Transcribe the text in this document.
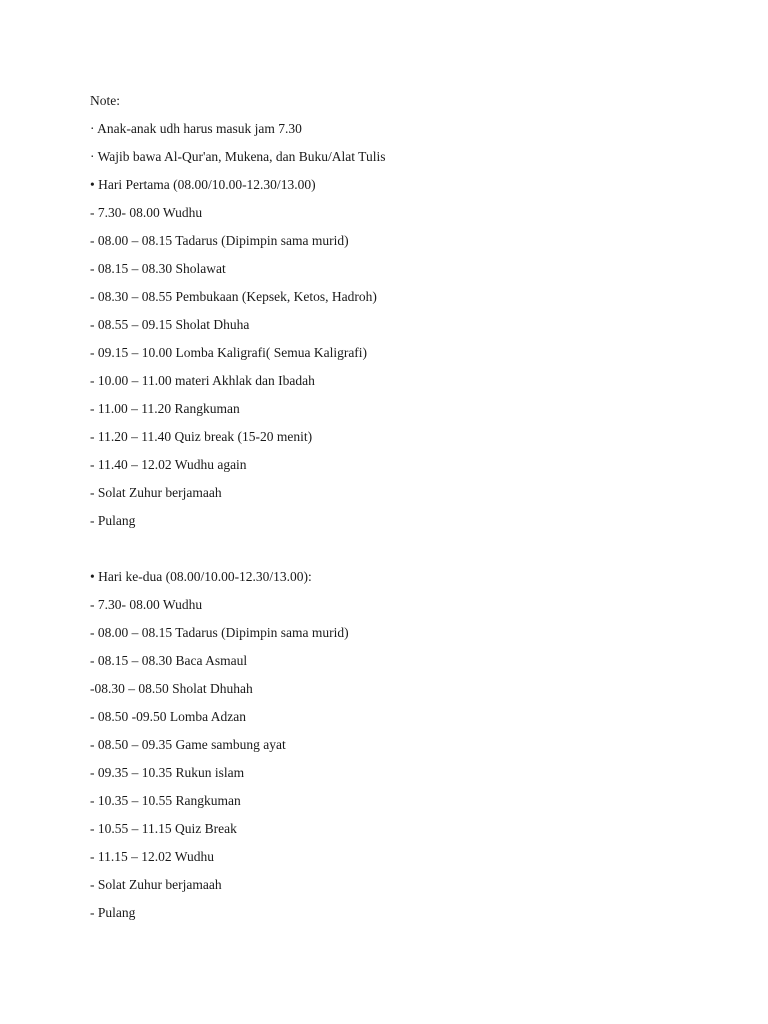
Note:
· Anak-anak udh harus masuk jam 7.30
· Wajib bawa Al-Qur'an, Mukena, dan Buku/Alat Tulis
• Hari Pertama (08.00/10.00-12.30/13.00)
- 7.30- 08.00 Wudhu
- 08.00 – 08.15 Tadarus (Dipimpin sama murid)
- 08.15 – 08.30 Sholawat
- 08.30 – 08.55 Pembukaan (Kepsek, Ketos, Hadroh)
- 08.55 – 09.15 Sholat Dhuha
- 09.15 – 10.00 Lomba Kaligrafi( Semua Kaligrafi)
- 10.00 – 11.00 materi Akhlak dan Ibadah
- 11.00 – 11.20 Rangkuman
- 11.20 – 11.40 Quiz break (15-20 menit)
- 11.40 – 12.02 Wudhu again
- Solat Zuhur berjamaah
- Pulang
• Hari ke-dua (08.00/10.00-12.30/13.00):
- 7.30- 08.00 Wudhu
- 08.00 – 08.15 Tadarus (Dipimpin sama murid)
- 08.15 – 08.30 Baca Asmaul
-08.30 – 08.50 Sholat Dhuhah
- 08.50 -09.50 Lomba Adzan
- 08.50 – 09.35 Game sambung ayat
- 09.35 – 10.35 Rukun islam
- 10.35 – 10.55 Rangkuman
- 10.55 – 11.15 Quiz Break
- 11.15 – 12.02 Wudhu
- Solat Zuhur berjamaah
- Pulang
